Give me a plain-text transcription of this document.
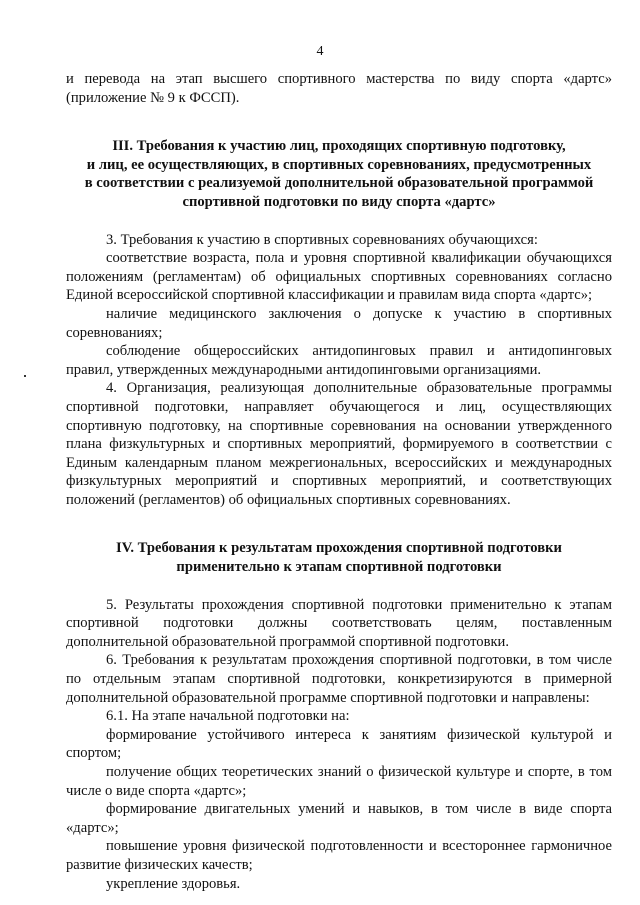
4

и перевода на этап высшего спортивного мастерства по виду спорта «дартс» (приложение № 9 к ФССП).

III. Требования к участию лиц, проходящих спортивную подготовку,
и лиц, ее осуществляющих, в спортивных соревнованиях, предусмотренных
в соответствии с реализуемой дополнительной образовательной программой
спортивной подготовки по виду спорта «дартс»

3. Требования к участию в спортивных соревнованиях обучающихся:

соответствие возраста, пола и уровня спортивной квалификации обучающихся положениям (регламентам) об официальных спортивных соревнованиях согласно Единой всероссийской спортивной классификации и правилам вида спорта «дартс»;

наличие медицинского заключения о допуске к участию в спортивных соревнованиях;

соблюдение общероссийских антидопинговых правил и антидопинговых правил, утвержденных международными антидопинговыми организациями.

4. Организация, реализующая дополнительные образовательные программы спортивной подготовки, направляет обучающегося и лиц, осуществляющих спортивную подготовку, на спортивные соревнования на основании утвержденного плана физкультурных и спортивных мероприятий, формируемого в соответствии с Единым календарным планом межрегиональных, всероссийских и международных физкультурных мероприятий и спортивных мероприятий, и соответствующих положений (регламентов) об официальных спортивных соревнованиях.

IV. Требования к результатам прохождения спортивной подготовки
применительно к этапам спортивной подготовки

5. Результаты прохождения спортивной подготовки применительно к этапам спортивной подготовки должны соответствовать целям, поставленным дополнительной образовательной программой спортивной подготовки.

6. Требования к результатам прохождения спортивной подготовки, в том числе по отдельным этапам спортивной подготовки, конкретизируются в примерной дополнительной образовательной программе спортивной подготовки и направлены:

6.1. На этапе начальной подготовки на:

формирование устойчивого интереса к занятиям физической культурой и спортом;

получение общих теоретических знаний о физической культуре и спорте, в том числе о виде спорта «дартс»;

формирование двигательных умений и навыков, в том числе в виде спорта «дартс»;

повышение уровня физической подготовленности и всестороннее гармоничное развитие физических качеств;

укрепление здоровья.
